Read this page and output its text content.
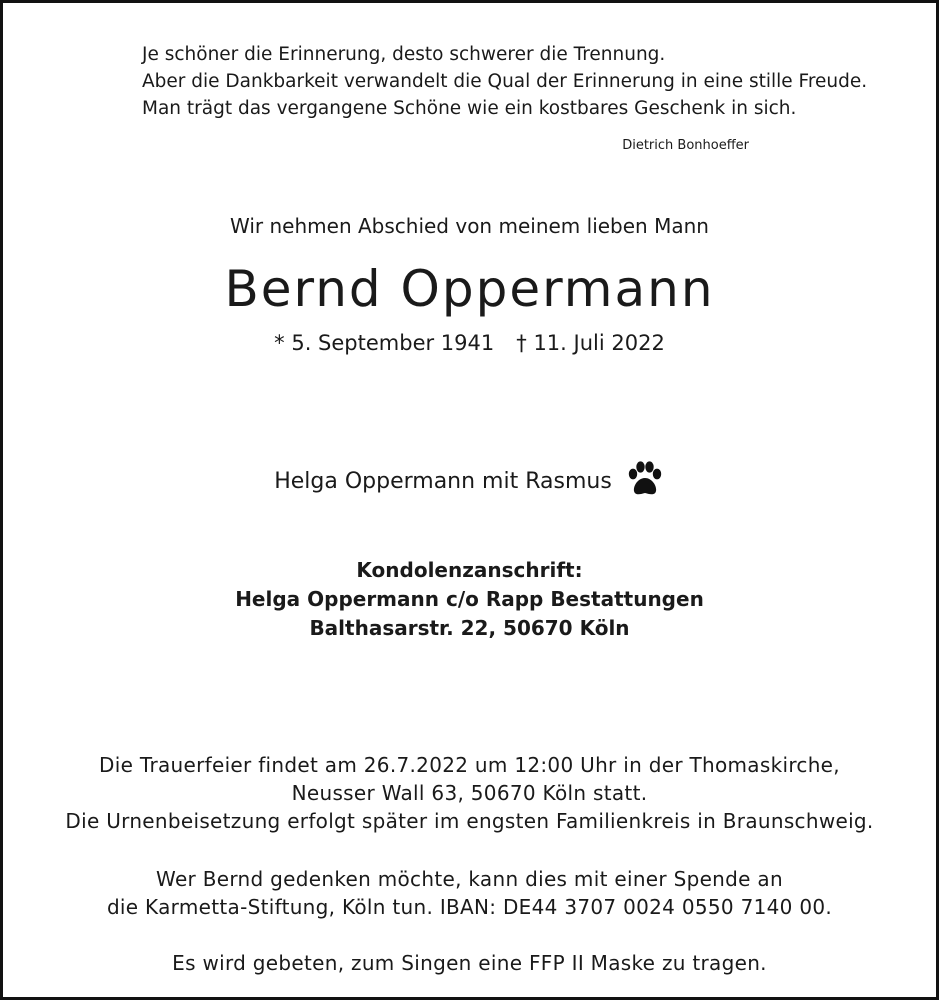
Je schöner die Erinnerung, desto schwerer die Trennung.
Aber die Dankbarkeit verwandelt die Qual der Erinnerung in eine stille Freude.
Man trägt das vergangene Schöne wie ein kostbares Geschenk in sich.
Dietrich Bonhoeffer
Wir nehmen Abschied von meinem lieben Mann
Bernd Oppermann
* 5. September 1941 † 11. Juli 2022
Helga Oppermann mit Rasmus
Kondolenzanschrift:
Helga Oppermann c/o Rapp Bestattungen
Balthasarstr. 22, 50670 Köln
Die Trauerfeier findet am 26.7.2022 um 12:00 Uhr in der Thomaskirche,
Neusser Wall 63, 50670 Köln statt.
Die Urnenbeisetzung erfolgt später im engsten Familienkreis in Braunschweig.
Wer Bernd gedenken möchte, kann dies mit einer Spende an
die Karmetta-Stiftung, Köln tun. IBAN: DE44 3707 0024 0550 7140 00.
Es wird gebeten, zum Singen eine FFP II Maske zu tragen.
